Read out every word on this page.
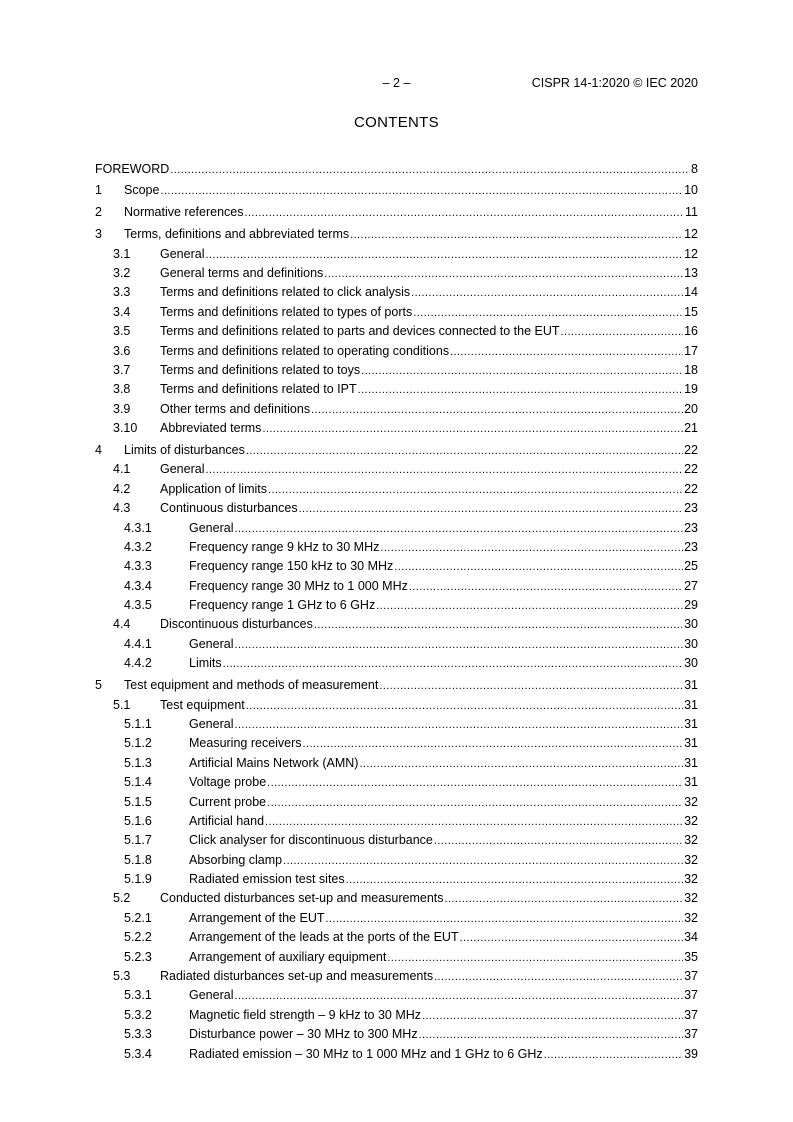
– 2 –	CISPR 14-1:2020 © IEC 2020
CONTENTS
FOREWORD .....	8
1	Scope .....	10
2	Normative references .....	11
3	Terms, definitions and abbreviated terms .....	12
3.1	General .....	12
3.2	General terms and definitions .....	13
3.3	Terms and definitions related to click analysis .....	14
3.4	Terms and definitions related to types of ports .....	15
3.5	Terms and definitions related to parts and devices connected to the EUT .....	16
3.6	Terms and definitions related to operating conditions .....	17
3.7	Terms and definitions related to toys .....	18
3.8	Terms and definitions related to IPT .....	19
3.9	Other terms and definitions .....	20
3.10	Abbreviated terms .....	21
4	Limits of disturbances .....	22
4.1	General .....	22
4.2	Application of limits .....	22
4.3	Continuous disturbances .....	23
4.3.1	General .....	23
4.3.2	Frequency range 9 kHz to 30 MHz .....	23
4.3.3	Frequency range 150 kHz to 30 MHz .....	25
4.3.4	Frequency range 30 MHz to 1 000 MHz .....	27
4.3.5	Frequency range 1 GHz to 6 GHz .....	29
4.4	Discontinuous disturbances .....	30
4.4.1	General .....	30
4.4.2	Limits .....	30
5	Test equipment and methods of measurement .....	31
5.1	Test equipment .....	31
5.1.1	General .....	31
5.1.2	Measuring receivers .....	31
5.1.3	Artificial Mains Network (AMN) .....	31
5.1.4	Voltage probe .....	31
5.1.5	Current probe .....	32
5.1.6	Artificial hand .....	32
5.1.7	Click analyser for discontinuous disturbance .....	32
5.1.8	Absorbing clamp .....	32
5.1.9	Radiated emission test sites .....	32
5.2	Conducted disturbances set-up and measurements .....	32
5.2.1	Arrangement of the EUT .....	32
5.2.2	Arrangement of the leads at the ports of the EUT .....	34
5.2.3	Arrangement of auxiliary equipment .....	35
5.3	Radiated disturbances set-up and measurements .....	37
5.3.1	General .....	37
5.3.2	Magnetic field strength – 9 kHz to 30 MHz .....	37
5.3.3	Disturbance power – 30 MHz to 300 MHz .....	37
5.3.4	Radiated emission – 30 MHz to 1 000 MHz and 1 GHz to 6 GHz .....	39
